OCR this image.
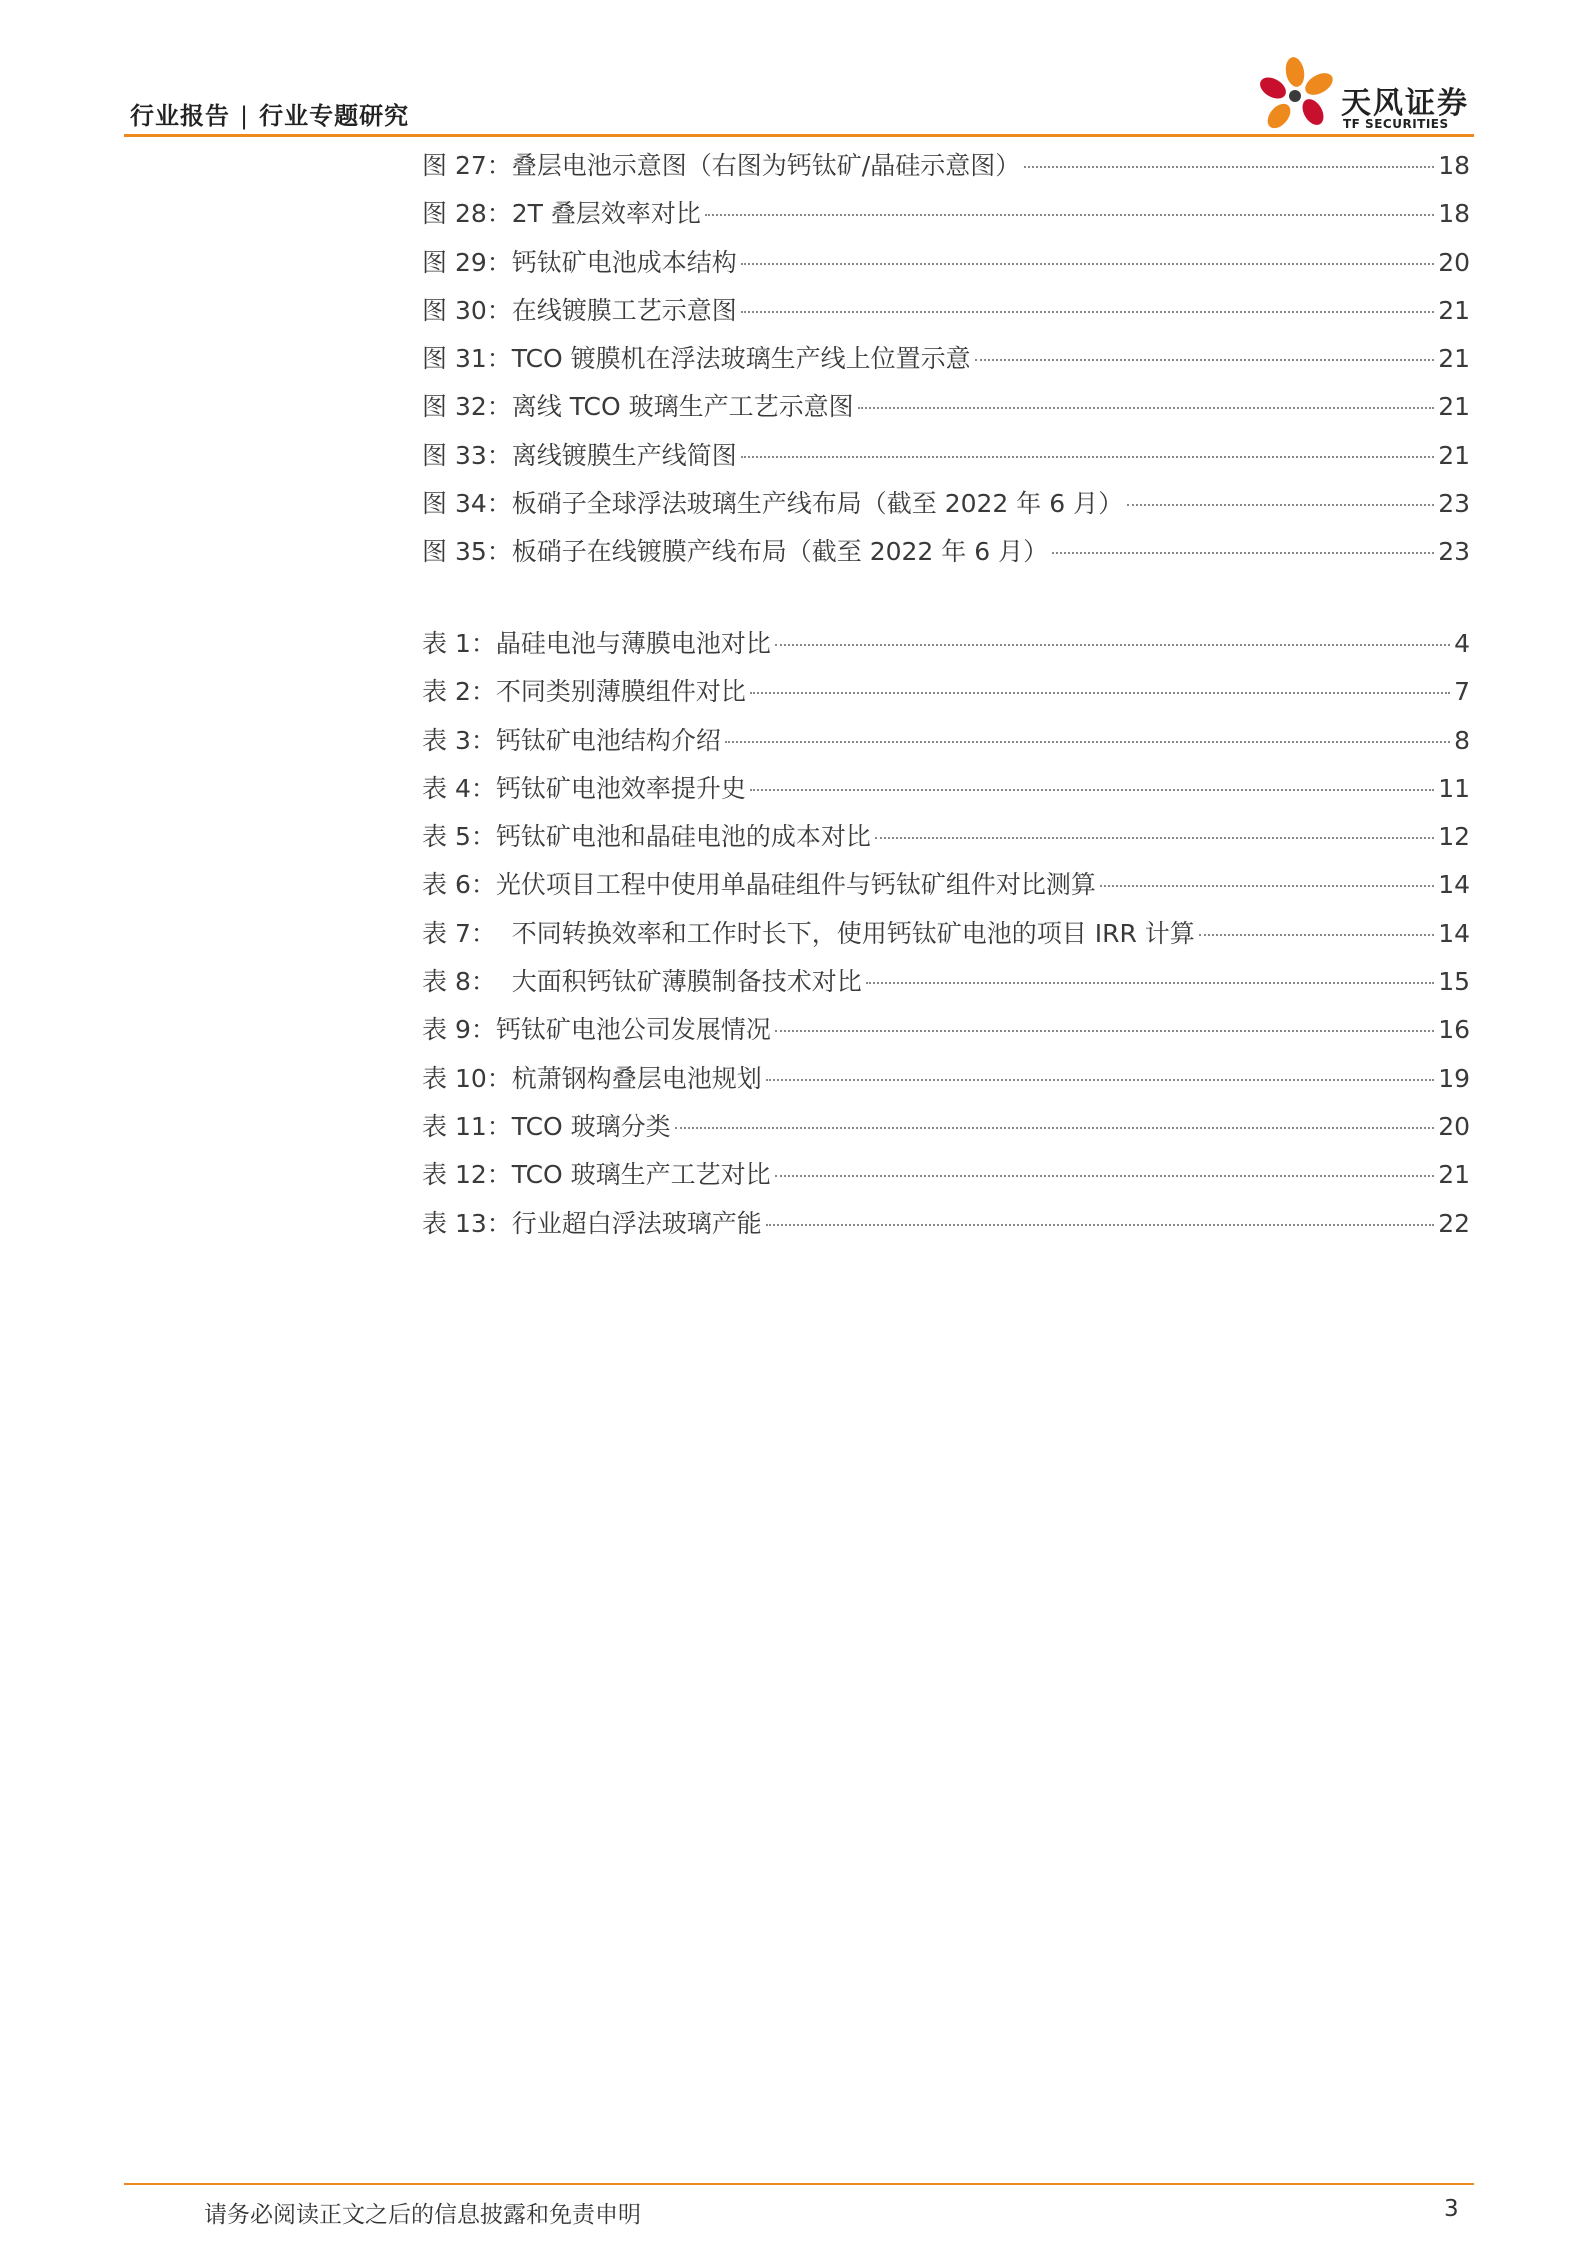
行业报告 | 行业专题研究	天风证券
TF SECURITIES
图 27： 叠层电池示意图（右图为钙钛矿/晶硅示意图）	18
图 28： 2T 叠层效率对比	18
图 29： 钙钛矿电池成本结构	20
图 30： 在线镀膜工艺示意图	21
图 31： TCO 镀膜机在浮法玻璃生产线上位置示意	21
图 32： 离线 TCO 玻璃生产工艺示意图	21
图 33： 离线镀膜生产线简图	21
图 34： 板硝子全球浮法玻璃生产线布局（截至 2022 年 6 月）	23
图 35： 板硝子在线镀膜产线布局（截至 2022 年 6 月）	23
表 1： 晶硅电池与薄膜电池对比	4
表 2： 不同类别薄膜组件对比	7
表 3： 钙钛矿电池结构介绍	8
表 4： 钙钛矿电池效率提升史	11
表 5： 钙钛矿电池和晶硅电池的成本对比	12
表 6： 光伏项目工程中使用单晶硅组件与钙钛矿组件对比测算	14
表 7： 不同转换效率和工作时长下，使用钙钛矿电池的项目 IRR 计算	14
表 8： 大面积钙钛矿薄膜制备技术对比	15
表 9： 钙钛矿电池公司发展情况	16
表 10： 杭萧钢构叠层电池规划	19
表 11： TCO 玻璃分类	20
表 12： TCO 玻璃生产工艺对比	21
表 13： 行业超白浮法玻璃产能	22
请务必阅读正文之后的信息披露和免责申明	3
